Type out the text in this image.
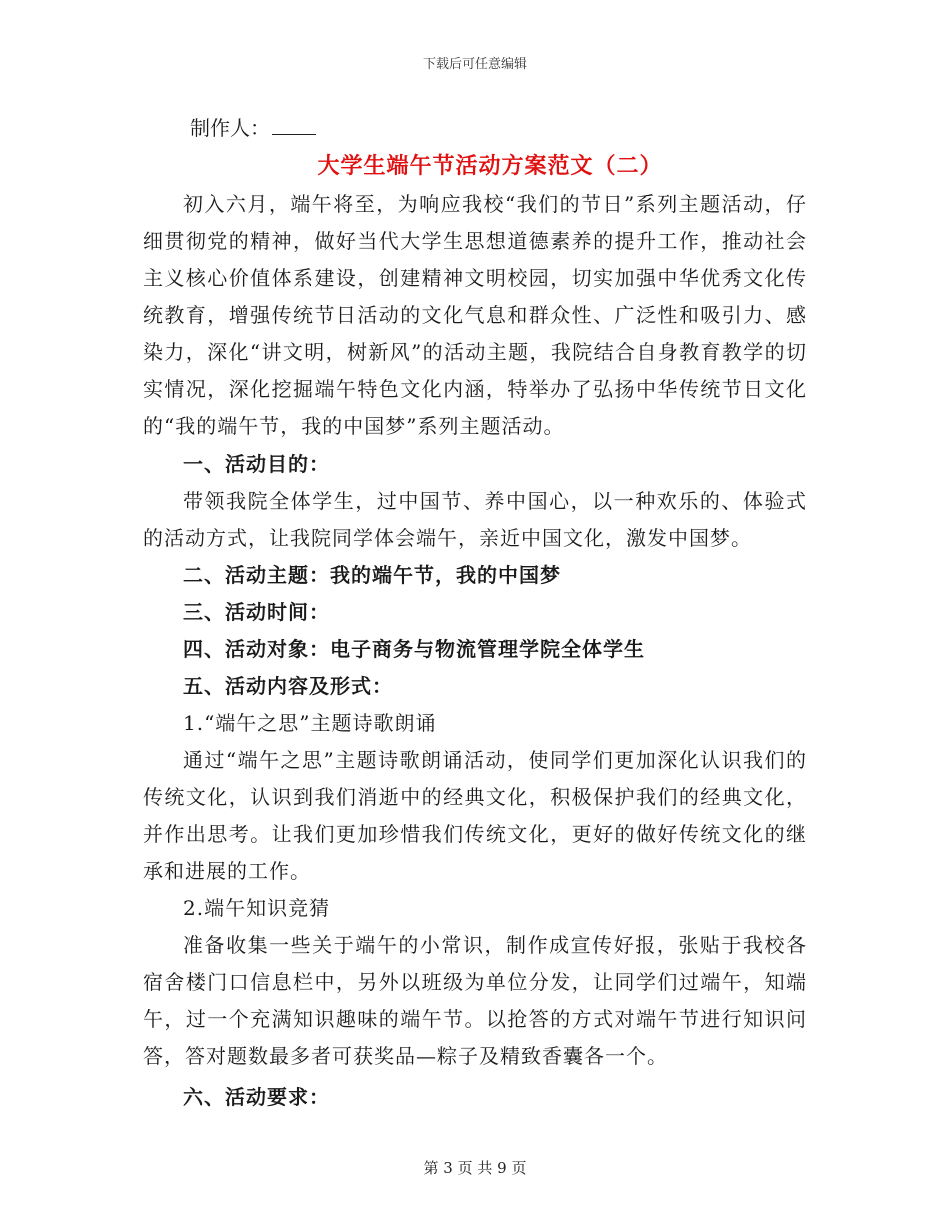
下载后可任意编辑
制作人：
大学生端午节活动方案范文（二）

初入六月，端午将至，为响应我校“我们的节日”系列主题活动，仔细贯彻党的精神，做好当代大学生思想道德素养的提升工作，推动社会主义核心价值体系建设，创建精神文明校园，切实加强中华优秀文化传统教育，增强传统节日活动的文化气息和群众性、广泛性和吸引力、感染力，深化“讲文明，树新风”的活动主题，我院结合自身教育教学的切实情况，深化挖掘端午特色文化内涵，特举办了弘扬中华传统节日文化的“我的端午节，我的中国梦”系列主题活动。

一、活动目的：

带领我院全体学生，过中国节、养中国心，以一种欢乐的、体验式的活动方式，让我院同学体会端午，亲近中国文化，激发中国梦。

二、活动主题：我的端午节，我的中国梦

三、活动时间：

四、活动对象：电子商务与物流管理学院全体学生

五、活动内容及形式：

1.“端午之思”主题诗歌朗诵

通过“端午之思”主题诗歌朗诵活动，使同学们更加深化认识我们的传统文化，认识到我们消逝中的经典文化，积极保护我们的经典文化，并作出思考。让我们更加珍惜我们传统文化，更好的做好传统文化的继承和进展的工作。

2.端午知识竞猜

准备收集一些关于端午的小常识，制作成宣传好报，张贴于我校各宿舍楼门口信息栏中，另外以班级为单位分发，让同学们过端午，知端午，过一个充满知识趣味的端午节。以抢答的方式对端午节进行知识问答，答对题数最多者可获奖品—粽子及精致香囊各一个。

六、活动要求：

第 3 页 共 9 页
